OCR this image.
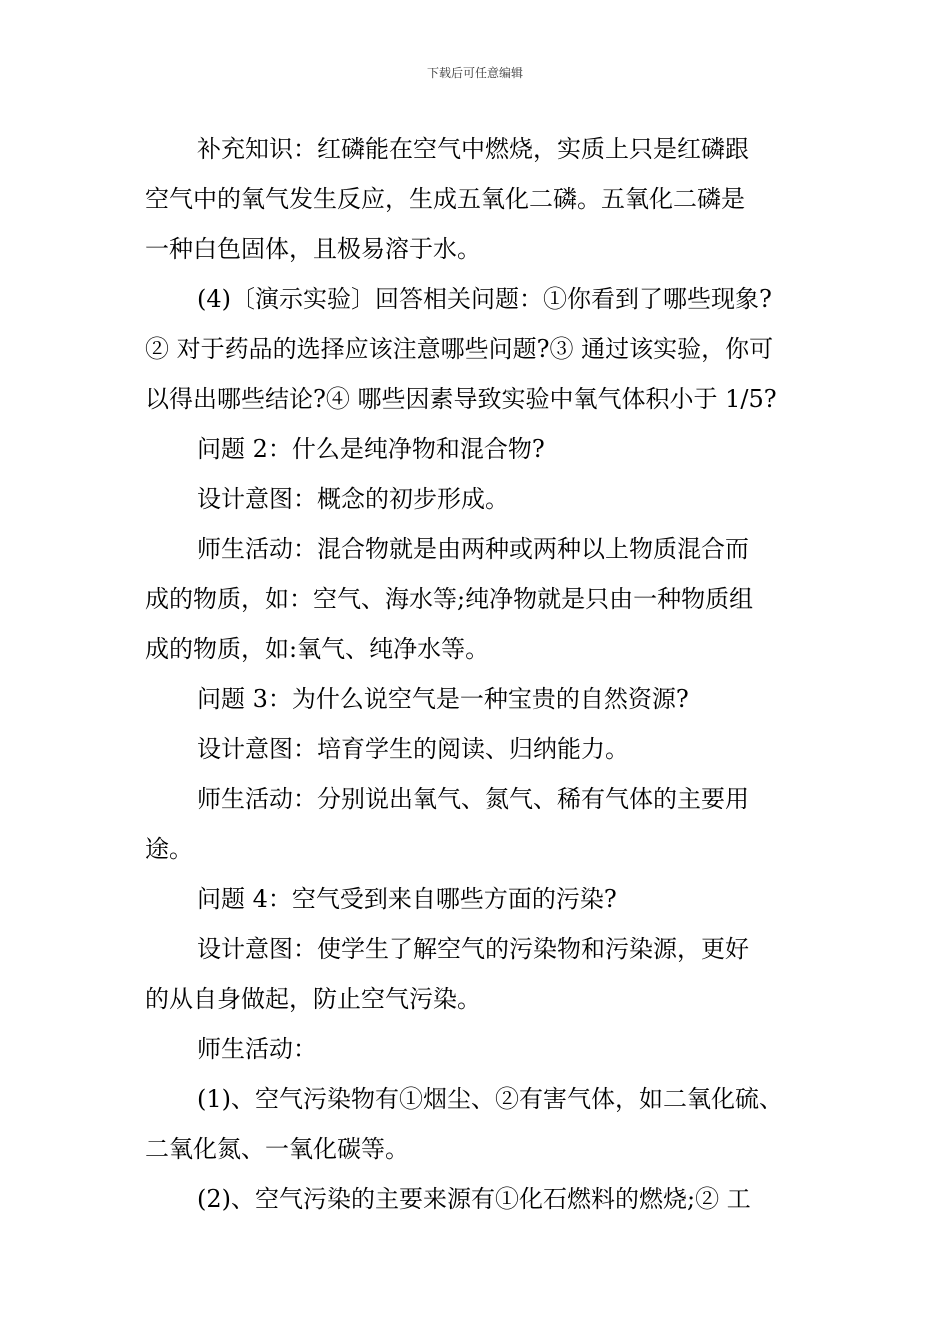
下载后可任意编辑
补充知识：红磷能在空气中燃烧，实质上只是红磷跟
空气中的氧气发生反应，生成五氧化二磷。五氧化二磷是
一种白色固体，且极易溶于水。
(4)〔演示实验〕回答相关问题：①你看到了哪些现象?
② 对于药品的选择应该注意哪些问题?③ 通过该实验，你可
以得出哪些结论?④ 哪些因素导致实验中氧气体积小于 1/5?
问题 2：什么是纯净物和混合物?
设计意图：概念的初步形成。
师生活动：混合物就是由两种或两种以上物质混合而
成的物质，如：空气、海水等;纯净物就是只由一种物质组
成的物质，如:氧气、纯净水等。
问题 3：为什么说空气是一种宝贵的自然资源?
设计意图：培育学生的阅读、归纳能力。
师生活动：分别说出氧气、氮气、稀有气体的主要用
途。
问题 4：空气受到来自哪些方面的污染?
设计意图：使学生了解空气的污染物和污染源，更好
的从自身做起，防止空气污染。
师生活动：
(1)、空气污染物有①烟尘、②有害气体，如二氧化硫、
二氧化氮、一氧化碳等。
(2)、空气污染的主要来源有①化石燃料的燃烧;② 工
